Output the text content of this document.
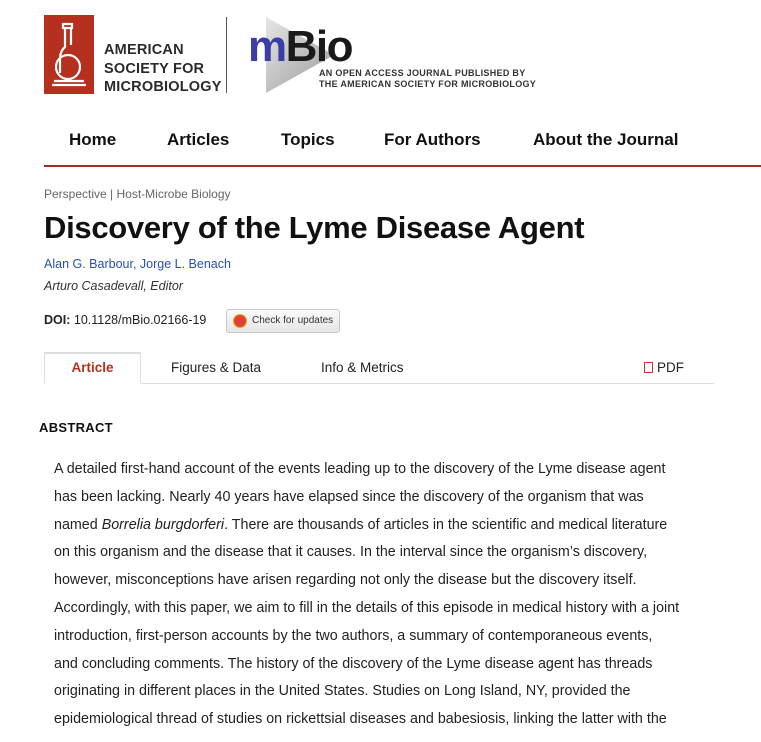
AMERICAN
SOCIETY FOR
MICROBIOLOGY
mBio
AN OPEN ACCESS JOURNAL PUBLISHED BY
THE AMERICAN SOCIETY FOR MICROBIOLOGY
Home	Articles	Topics	For Authors	About the Journal
Perspective | Host-Microbe Biology
Discovery of the Lyme Disease Agent
Alan G. Barbour, Jorge L. Benach
Arturo Casadevall, Editor
DOI: 10.1128/mBio.02166-19	Check for updates
Article	Figures & Data	Info & Metrics	PDF
ABSTRACT
A detailed first-hand account of the events leading up to the discovery of the Lyme disease agent
has been lacking. Nearly 40 years have elapsed since the discovery of the organism that was
named Borrelia burgdorferi. There are thousands of articles in the scientific and medical literature
on this organism and the disease that it causes. In the interval since the organism’s discovery,
however, misconceptions have arisen regarding not only the disease but the discovery itself.
Accordingly, with this paper, we aim to fill in the details of this episode in medical history with a joint
introduction, first-person accounts by the two authors, a summary of contemporaneous events,
and concluding comments. The history of the discovery of the Lyme disease agent has threads
originating in different places in the United States. Studies on Long Island, NY, provided the
epidemiological thread of studies on rickettsial diseases and babesiosis, linking the latter with the
